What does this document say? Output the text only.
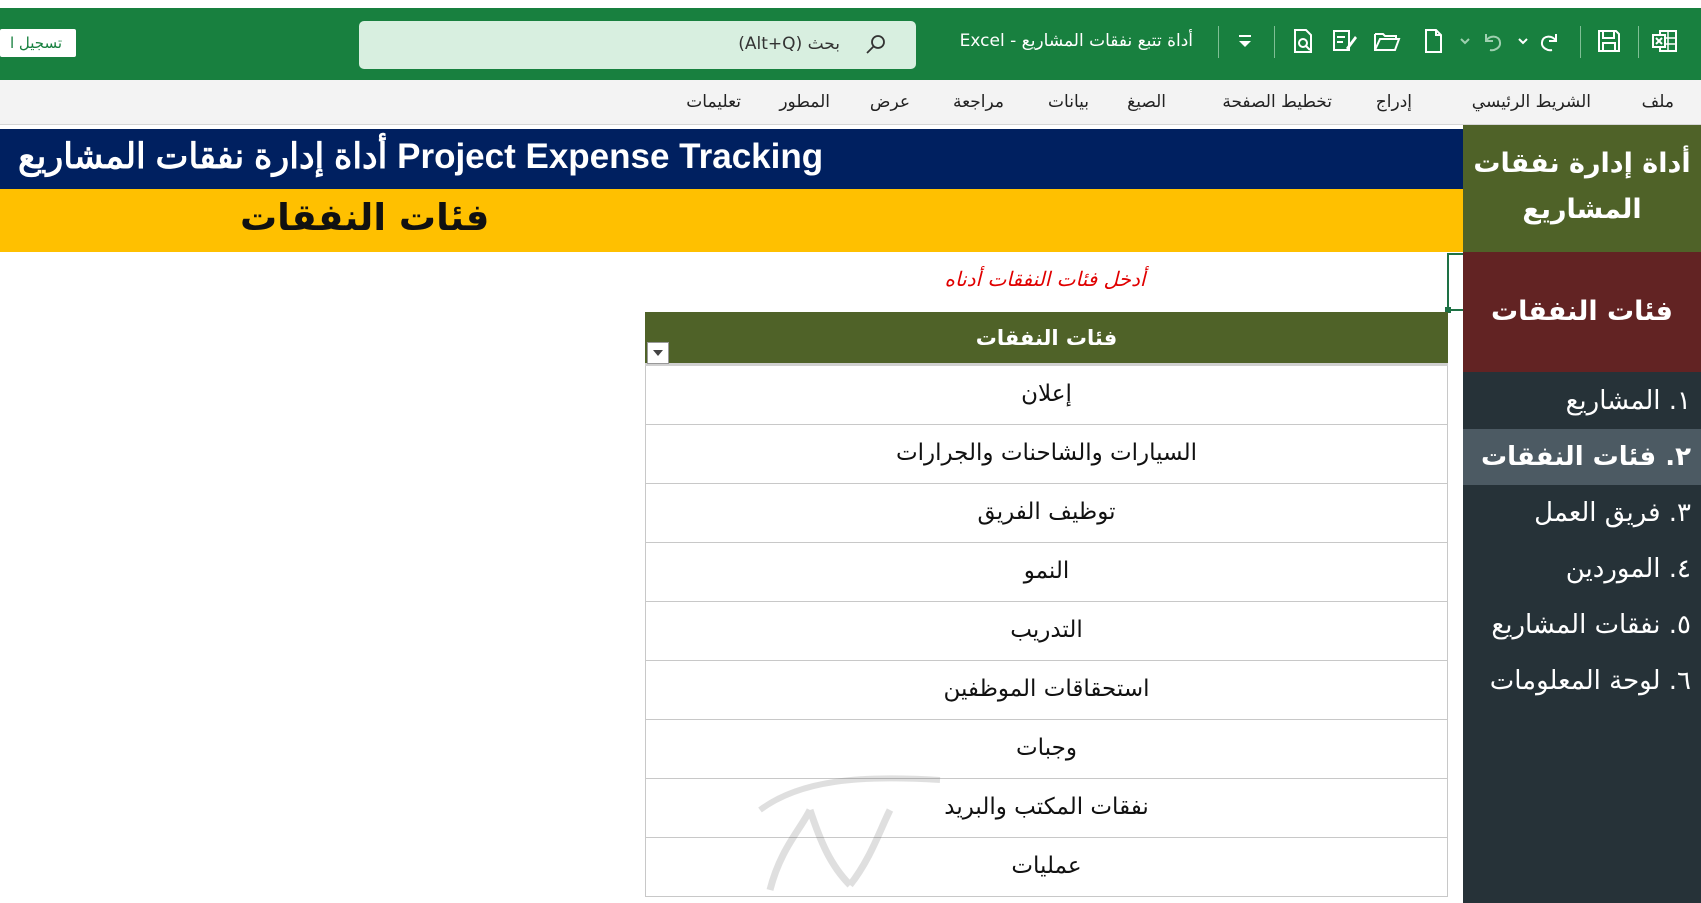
تسجيل ا	بحث (Alt+Q)	أداة تتبع نفقات المشاريع - Excel
ملف
الشريط الرئيسي
إدراج
تخطيط الصفحة
الصيغ
بيانات
مراجعة
عرض
المطور
تعليمات
أداة إدارة نفقات المشاريع Project Expense Tracking
فئات النفقات
أداة إدارة نفقات المشاريع
فئات النفقات
١. المشاريع
٢. فئات النفقات
٣. فريق العمل
٤. الموردين
٥. نفقات المشاريع
٦. لوحة المعلومات
أدخل فئات النفقات أدناه
فئات النفقات
إعلان
السيارات والشاحنات والجرارات
توظيف الفريق
النمو
التدريب
استحقاقات الموظفين
وجبات
نفقات المكتب والبريد
عمليات
